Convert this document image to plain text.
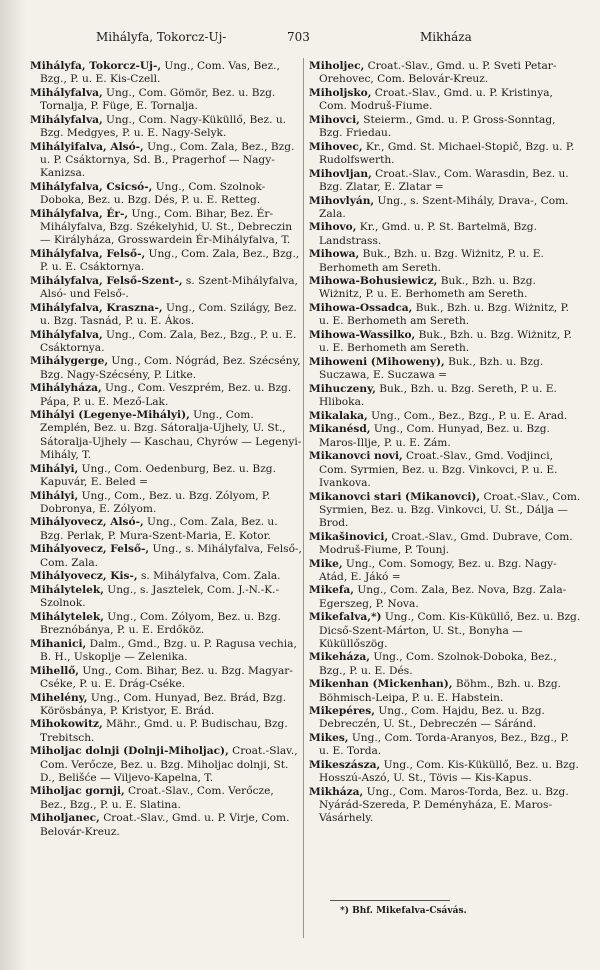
Mihályfa, Tokorcz-Uj-	703	Mikháza
Mihályfa, Tokorcz-Uj-, Ung., Com. Vas, Bez., Bzg., P. u. E. Kis-Czell.
Mihályfalva, Ung., Com. Gömör, Bez. u. Bzg. Tornalja, P. Füge, E. Tornalja.
Mihályfalva, Ung., Com. Nagy-Küküllő, Bez. u. Bzg. Medgyes, P. u. E. Nagy-Selyk.
Mihályifalva, Alsó-, Ung., Com. Zala, Bez., Bzg. u. P. Csáktornya, Sd. B., Pragerhof — Nagy-Kanizsa.
Mihályfalva, Csicsó-, Ung., Com. Szolnok-Doboka, Bez. u. Bzg. Dés, P. u. E. Retteg.
Mihályfalva, Ér-, Ung., Com. Bihar, Bez. Ér-Mihályfalva, Bzg. Székelyhid, U. St., Debreczin — Királyháza, Grosswardein Ér-Mihályfalva, T.
Mihályfalva, Felső-, Ung., Com. Zala, Bez., Bzg., P. u. E. Csáktornya.
Mihályfalva, Felső-Szent-, s. Szent-Mihályfalva, Alsó- und Felső-.
Mihályfalva, Kraszna-, Ung., Com. Szilágy, Bez. u. Bzg. Tasnád, P. u. E. Ákos.
Mihályfalva, Ung., Com. Zala, Bez., Bzg., P. u. E. Csáktornya.
Mihálygerge, Ung., Com. Nógrád, Bez. Szécsény, Bzg. Nagy-Szécsény, P. Litke.
Mihályháza, Ung., Com. Veszprém, Bez. u. Bzg. Pápa, P. u. E. Mező-Lak.
Mihályi (Legenye-Mihályi), Ung., Com. Zemplén, Bez. u. Bzg. Sátoralja-Ujhely, U. St., Sátoralja-Ujhely — Kaschau, Chyrów — Legenyi-Mihály, T.
Mihályi, Ung., Com. Oedenburg, Bez. u. Bzg. Kapuvár, E. Beled =
Mihályi, Ung., Com., Bez. u. Bzg. Zólyom, P. Dobronya, E. Zólyom.
Mihályovecz, Alsó-, Ung., Com. Zala, Bez. u. Bzg. Perlak, P. Mura-Szent-Maria, E. Kotor.
Mihályovecz, Felső-, Ung., s. Mihályfalva, Felső-, Com. Zala.
Mihályovecz, Kis-, s. Mihályfalva, Com. Zala.
Mihálytelek, Ung., s. Jasztelek, Com. J.-N.-K.-Szolnok.
Mihálytelek, Ung., Com. Zólyom, Bez. u. Bzg. Breznóbánya, P. u. E. Erdőköz.
Mihanici, Dalm., Gmd., Bzg. u. P. Ragusa vechia, B. H., Uskoplje — Zelenika.
Mihellő, Ung., Com. Bihar, Bez. u. Bzg. Magyar-Cséke, P. u. E. Drág-Cséke.
Mihelény, Ung., Com. Hunyad, Bez. Brád, Bzg. Körösbánya, P. Kristyor, E. Brád.
Mihokowitz, Mähr., Gmd. u. P. Budischau, Bzg. Trebitsch.
Miholjac dolnji (Dolnji-Miholjac), Croat.-Slav., Com. Verőcze, Bez. u. Bzg. Miholjac dolnji, St. D., Belišće — Viljevo-Kapelna, T.
Miholjac gornji, Croat.-Slav., Com. Verőcze, Bez., Bzg., P. u. E. Slatina.
Miholjanec, Croat.-Slav., Gmd. u. P. Virje, Com. Belovár-Kreuz.
Miholjec, Croat.-Slav., Gmd. u. P. Sveti Petar-Orehovec, Com. Belovár-Kreuz.
Miholjsko, Croat.-Slav., Gmd. u. P. Kristinya, Com. Modruš-Fiume.
Mihovci, Steierm., Gmd. u. P. Gross-Sonntag, Bzg. Friedau.
Mihovec, Kr., Gmd. St. Michael-Stopič, Bzg. u. P. Rudolfswerth.
Mihovljan, Croat.-Slav., Com. Warasdin, Bez. u. Bzg. Zlatar, E. Zlatar =
Mihovlyán, Ung., s. Szent-Mihály, Drava-, Com. Zala.
Mihovo, Kr., Gmd. u. P. St. Bartelmä, Bzg. Landstrass.
Mihowa, Buk., Bzh. u. Bzg. Wiżnitz, P. u. E. Berhometh am Sereth.
Mihowa-Bohusiewicz, Buk., Bzh. u. Bzg. Wiżnitz, P. u. E. Berhometh am Sereth.
Mihowa-Ossadca, Buk., Bzh. u. Bzg. Wiżnitz, P. u. E. Berhometh am Sereth.
Mihowa-Wassilko, Buk., Bzh. u. Bzg. Wiżnitz, P. u. E. Berhometh am Sereth.
Mihoweni (Mihoweny), Buk., Bzh. u. Bzg. Suczawa, E. Suczawa =
Mihuczeny, Buk., Bzh. u. Bzg. Sereth, P. u. E. Hliboka.
Mikalaka, Ung., Com., Bez., Bzg., P. u. E. Arad.
Mikanésd, Ung., Com. Hunyad, Bez. u. Bzg. Maros-Illje, P. u. E. Zám.
Mikanovci novi, Croat.-Slav., Gmd. Vodjinci, Com. Syrmien, Bez. u. Bzg. Vinkovci, P. u. E. Ivankova.
Mikanovci stari (Mikanovci), Croat.-Slav., Com. Syrmien, Bez. u. Bzg. Vinkovci, U. St., Dálja — Brod.
Mikašinovici, Croat.-Slav., Gmd. Dubrave, Com. Modruš-Fiume, P. Tounj.
Mike, Ung., Com. Somogy, Bez. u. Bzg. Nagy-Atád, E. Jákó =
Mikefa, Ung., Com. Zala, Bez. Nova, Bzg. Zala-Egerszeg, P. Nova.
Mikefalva,*) Ung., Com. Kis-Küküllő, Bez. u. Bzg. Dicső-Szent-Márton, U. St., Bonyha — Küküllőszög.
Mikeháza, Ung., Com. Szolnok-Doboka, Bez., Bzg., P. u. E. Dés.
Mikenhan (Mickenhan), Böhm., Bzh. u. Bzg. Böhmisch-Leipa, P. u. E. Habstein.
Mikepéres, Ung., Com. Hajdu, Bez. u. Bzg. Debreczén, U. St., Debreczén — Sáránd.
Mikes, Ung., Com. Torda-Aranyos, Bez., Bzg., P. u. E. Torda.
Mikeszásza, Ung., Com. Kis-Küküllő, Bez. u. Bzg. Hosszú-Aszó, U. St., Tövis — Kis-Kapus.
Mikháza, Ung., Com. Maros-Torda, Bez. u. Bzg. Nyárád-Szereda, P. Deményháza, E. Maros-Vásárhely.
*) Bhf. Mikefalva-Csávás.
